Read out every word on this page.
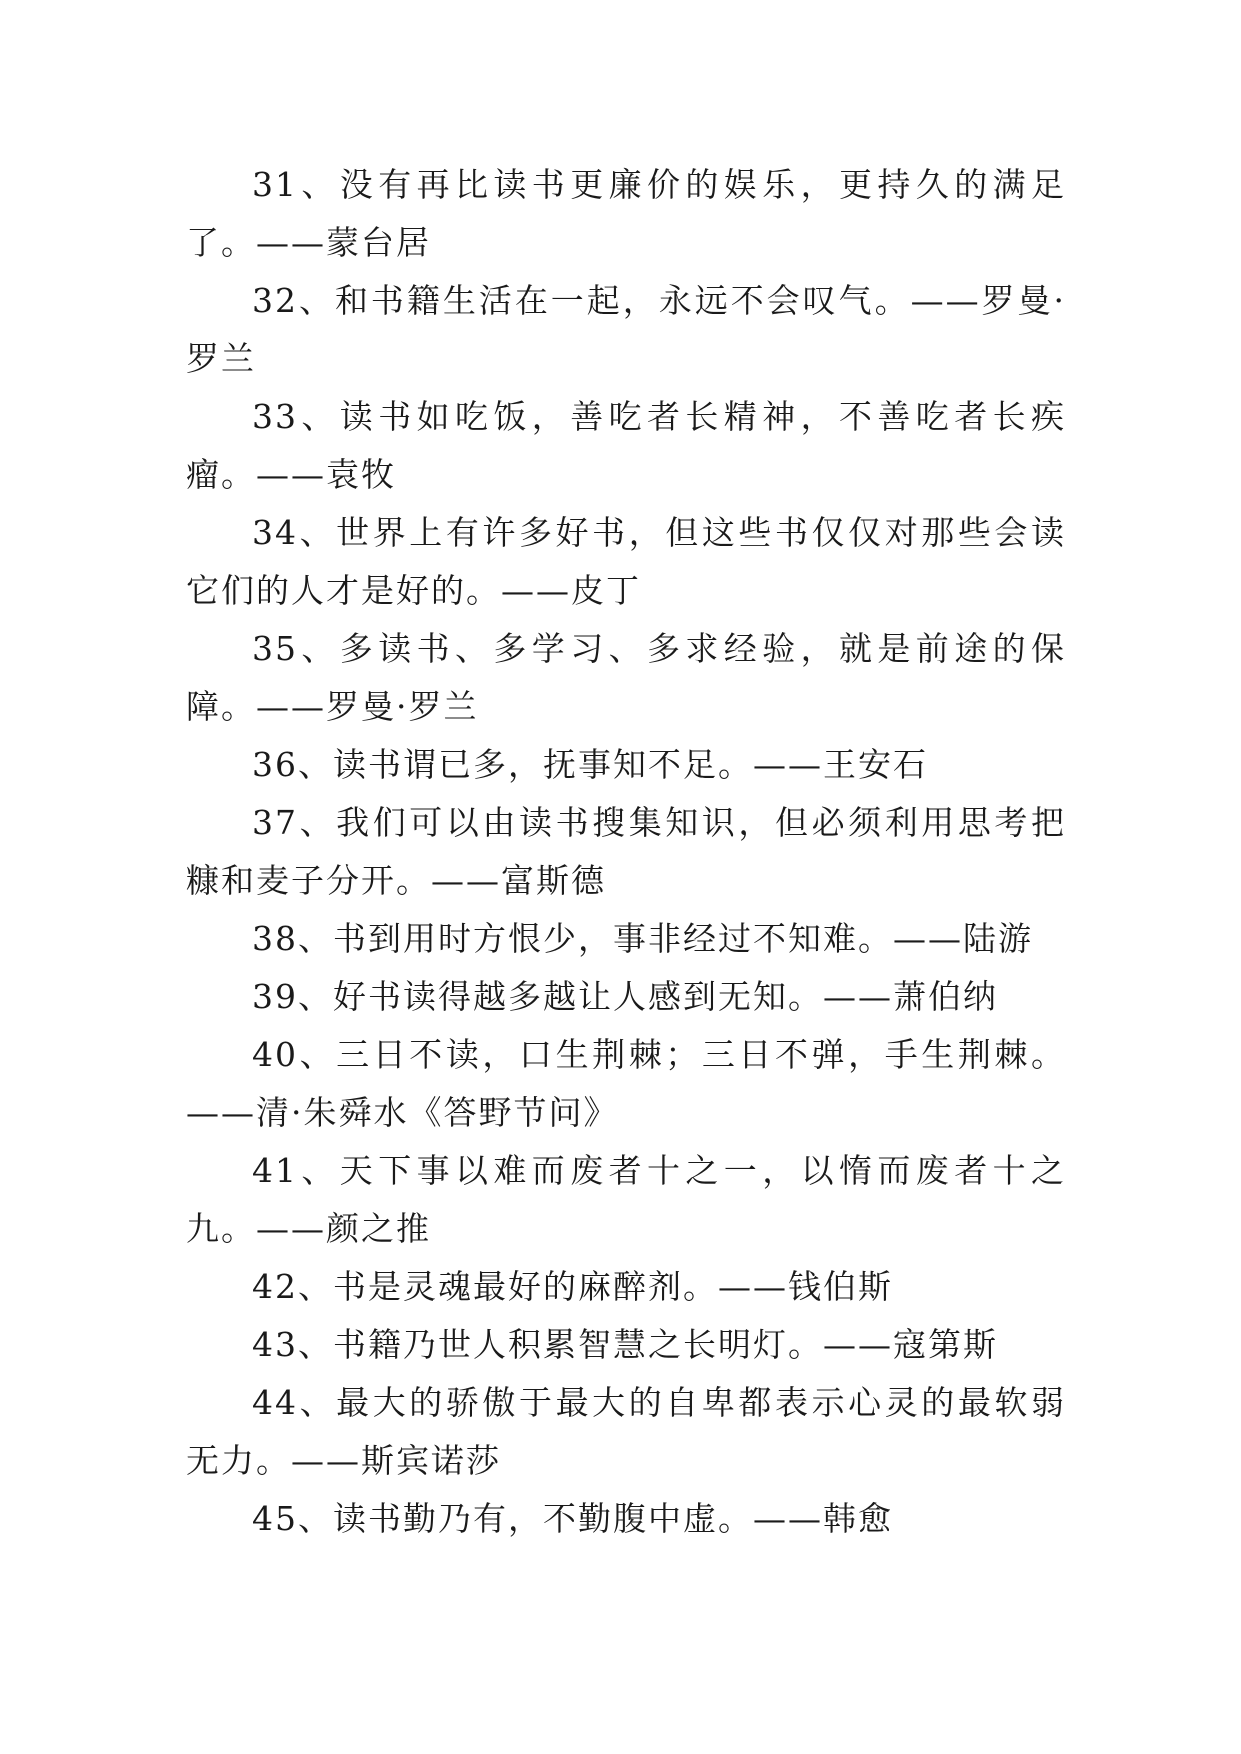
31、没有再比读书更廉价的娱乐，更持久的满足了。——蒙台居

32、和书籍生活在一起，永远不会叹气。——罗曼·罗兰

33、读书如吃饭，善吃者长精神，不善吃者长疾瘤。——袁牧

34、世界上有许多好书，但这些书仅仅对那些会读它们的人才是好的。——皮丁

35、多读书、多学习、多求经验，就是前途的保障。——罗曼·罗兰

36、读书谓已多，抚事知不足。——王安石

37、我们可以由读书搜集知识，但必须利用思考把糠和麦子分开。——富斯德

38、书到用时方恨少，事非经过不知难。——陆游

39、好书读得越多越让人感到无知。——萧伯纳

40、三日不读，口生荆棘；三日不弹，手生荆棘。——清·朱舜水《答野节问》

41、天下事以难而废者十之一，以惰而废者十之九。——颜之推

42、书是灵魂最好的麻醉剂。——钱伯斯

43、书籍乃世人积累智慧之长明灯。——寇第斯

44、最大的骄傲于最大的自卑都表示心灵的最软弱无力。——斯宾诺莎

45、读书勤乃有，不勤腹中虚。——韩愈
